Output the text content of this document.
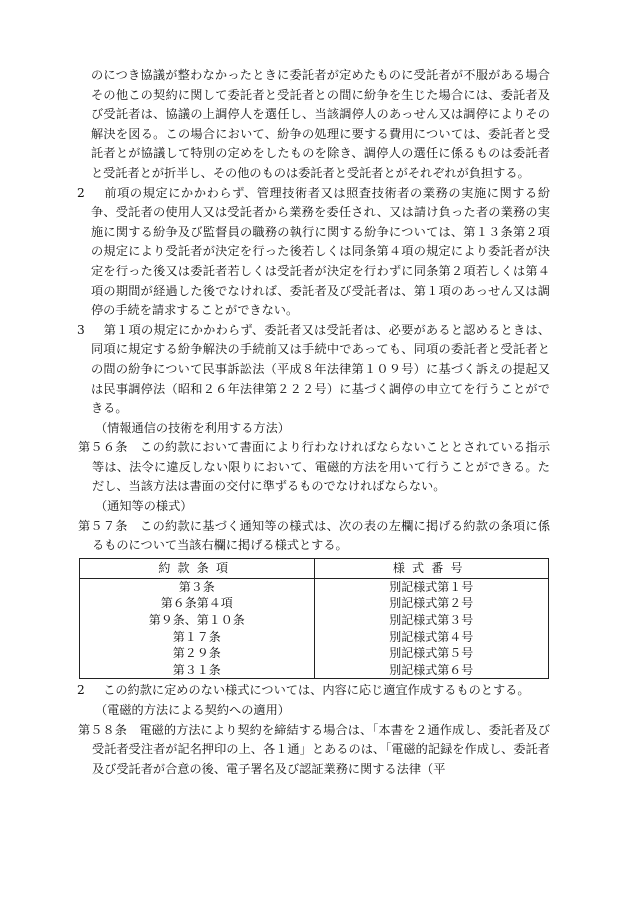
のにつき協議が整わなかったときに委託者が定めたものに受託者が不服がある場合その他この契約に関して委託者と受託者との間に紛争を生じた場合には、委託者及び受託者は、協議の上調停人を選任し、当該調停人のあっせん又は調停によりその解決を図る。この場合において、紛争の処理に要する費用については、委託者と受託者とが協議して特別の定めをしたものを除き、調停人の選任に係るものは委託者と受託者とが折半し、その他のものは委託者と受託者とがそれぞれが負担する。

2　 前項の規定にかかわらず、管理技術者又は照査技術者の業務の実施に関する紛争、受託者の使用人又は受託者から業務を委任され、又は請け負った者の業務の実施に関する紛争及び監督員の職務の執行に関する紛争については、第１３条第２項の規定により受託者が決定を行った後若しくは同条第４項の規定により委託者が決定を行った後又は委託者若しくは受託者が決定を行わずに同条第２項若しくは第４項の期間が経過した後でなければ、委託者及び受託者は、第１項のあっせん又は調停の手続を請求することができない。

3　 第１項の規定にかかわらず、委託者又は受託者は、必要があると認めるときは、同項に規定する紛争解決の手続前又は手続中であっても、同項の委託者と受託者との間の紛争について民事訴訟法（平成８年法律第１０９号）に基づく訴えの提起又は民事調停法（昭和２６年法律第２２２号）に基づく調停の申立てを行うことができる。

（情報通信の技術を利用する方法）

第５６条　 この約款において書面により行わなければならないこととされている指示等は、法令に違反しない限りにおいて、電磁的方法を用いて行うことができる。ただし、当該方法は書面の交付に準ずるものでなければならない。

（通知等の様式）

第５７条　 この約款に基づく通知等の様式は、次の表の左欄に掲げる約款の条項に係るものについて当該右欄に掲げる様式とする。

約款条項	様式番号
第３条	別記様式第１号
第６条第４項	別記様式第２号
第９条、第１０条	別記様式第３号
第１７条	別記様式第４号
第２９条	別記様式第５号
第３１条	別記様式第６号

2　 この約款に定めのない様式については、内容に応じ適宜作成するものとする。

（電磁的方法による契約への適用）

第５８条　 電磁的方法により契約を締結する場合は、「本書を２通作成し、委託者及び受託者受注者が記名押印の上、各１通」とあるのは、「電磁的記録を作成し、委託者及び受託者が合意の後、電子署名及び認証業務に関する法律（平
